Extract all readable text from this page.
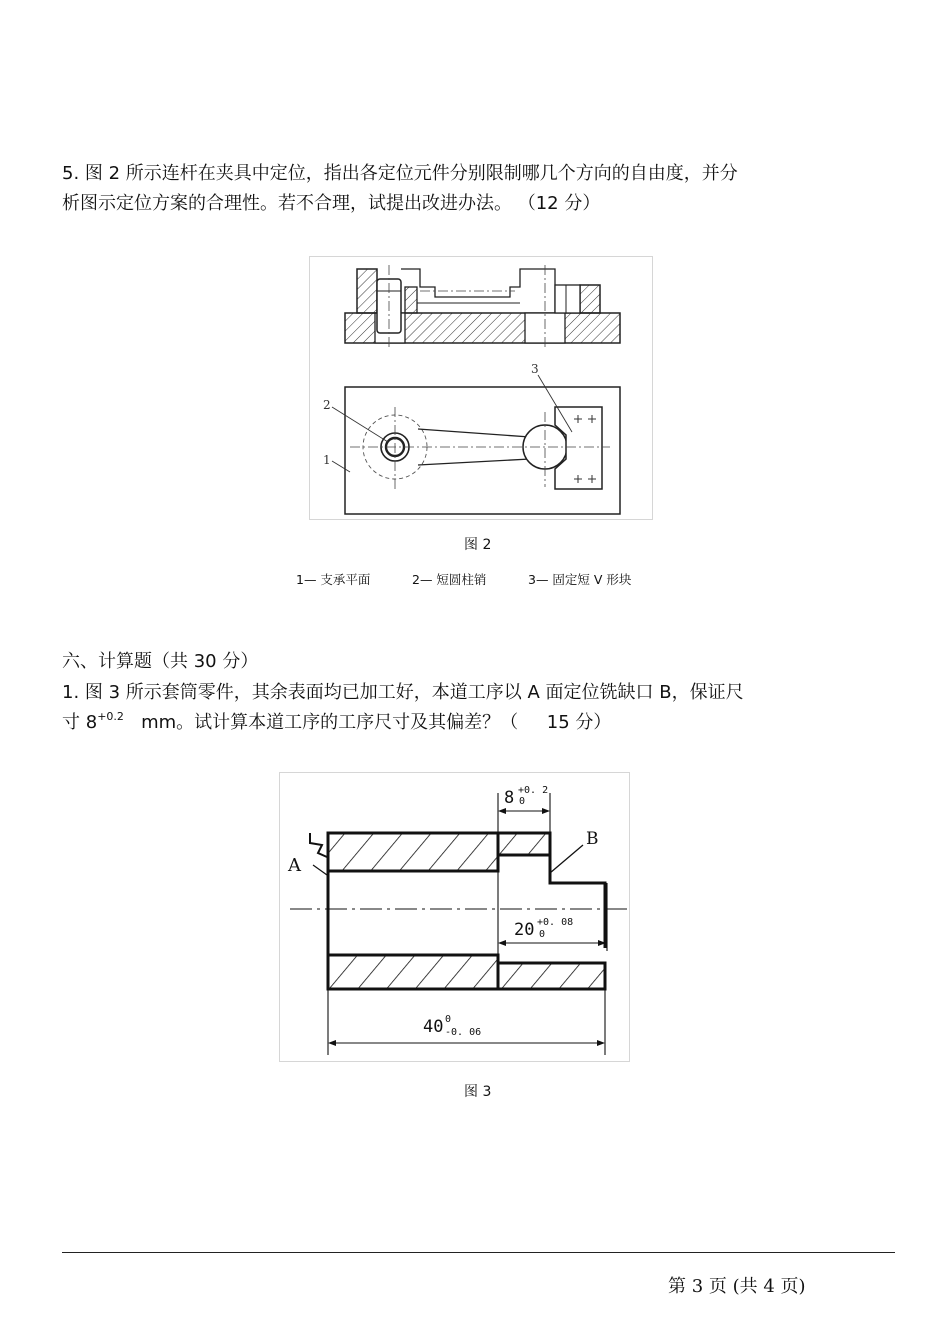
5. 图 2 所示连杆在夹具中定位，指出各定位元件分别限制哪几个方向的自由度，并分
析图示定位方案的合理性。若不合理，试提出改进办法。 （12 分）
2
1
3
图 2
1— 支承平面	2— 短圆柱销	3— 固定短 V 形块
六、计算题（共 30 分）
1. 图 3 所示套筒零件，其余表面均已加工好，本道工序以 A 面定位铣缺口 B，保证尺
寸 $8^{+0.2}$   mm。试计算本道工序的工序尺寸及其偏差？（     15 分）
A
B
8 +0. 2
0
20 +0. 08
0
40 0
-0. 06
图 3
第 3 页 (共 4 页)
